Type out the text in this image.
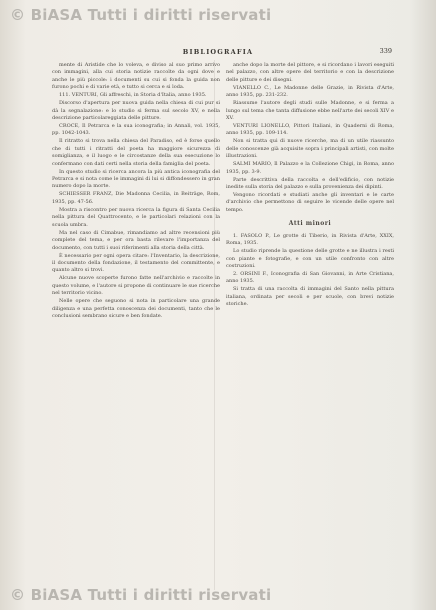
© BiASA Tutti i diritti riservati
BIBLIOGRAFIA	339

mente di Aristide che lo voleva, e diviso al suo primo arrivo con immagini, alla cui storia notizie raccolte da ogni dove e anche le più piccole: i documenti su cui si fonda la guida non furono pochi e di varie età, e tutto si cerca e si loda.

111. VENTURI, Gli affreschi, in Storia d'Italia, anno 1935.

Discorso d'apertura per nuova guida nella chiesa di cui pur si dà la segnalazione: e lo studio si ferma sul secolo XV, e nella descrizione particolareggiata delle pitture.

CROCE, Il Petrarca e la sua iconografia; in Annali, vol. 1935, pp. 1042-1043.

Il ritratto si trova nella chiesa del Paradiso, ed è forse quello che di tutti i ritratti del poeta ha maggiore sicurezza di somiglianza, e il luogo e le circostanze della sua esecuzione lo confermano con dati certi nella storia della famiglia del poeta.

In questo studio si ricerca ancora la più antica iconografia del Petrarca e si nota come le immagini di lui si diffondessero in gran numero dopo la morte.

SCHIESSER FRANZ, Die Madonna Cecilia, in Beiträge, Rom, 1935, pp. 47-56.

Mostra a riscontro per nuova ricerca la figura di Santa Cecilia nella pittura del Quattrocento, e le particolari relazioni con la scuola umbra.

Ma nel caso di Cimabue, rimandiamo ad altre recensioni più complete del tema, e per ora basta rilevare l'importanza del documento, con tutti i suoi riferimenti alla storia della città.

È necessario per ogni opera citare: l'Inventario, la descrizione, il documento della fondazione, il testamento del committente, e quanto altro si trovi.

Alcune nuove scoperte furono fatte nell'archivio e raccolte in questo volume, e l'autore si propone di continuare le sue ricerche nel territorio vicino.

Nelle opere che seguono si nota in particolare una grande diligenza e una perfetta conoscenza dei documenti, tanto che le conclusioni sembrano sicure e ben fondate.

anche dopo la morte del pittore, e si ricordano i lavori eseguiti nel palazzo, con altre opere del territorio e con la descrizione delle pitture e dei disegni.

VIANELLO C., Le Madonne delle Grazie, in Rivista d'Arte, anno 1935, pp. 231-232.

Riassume l'autore degli studi sulle Madonne, e si ferma a lungo sul tema che tanta diffusione ebbe nell'arte dei secoli XIV e XV.

VENTURI LIONELLO, Pittori Italiani, in Quaderni di Roma, anno 1935, pp. 109-114.

Non si tratta qui di nuove ricerche, ma di un utile riassunto delle conoscenze già acquisite sopra i principali artisti, con molte illustrazioni.

SALMI MARIO, Il Palazzo e la Collezione Chigi, in Roma, anno 1935, pp. 3-9.

Parte descrittiva della raccolta e dell'edificio, con notizie inedite sulla storia del palazzo e sulla provenienza dei dipinti.

Vengono ricordati e studiati anche gli inventari e le carte d'archivio che permettono di seguire le vicende delle opere nel tempo.

Atti minori

1. FASOLO P., Le grotte di Tiberio, in Rivista d'Arte, XXIX, Roma, 1935.

Lo studio riprende la questione delle grotte e ne illustra i resti con piante e fotografie, e con un utile confronto con altre costruzioni.

2. ORSINI F., Iconografia di San Giovanni, in Arte Cristiana, anno 1935.

Si tratta di una raccolta di immagini del Santo nella pittura italiana, ordinata per secoli e per scuole, con brevi notizie storiche.

© BiASA Tutti i diritti riservati
